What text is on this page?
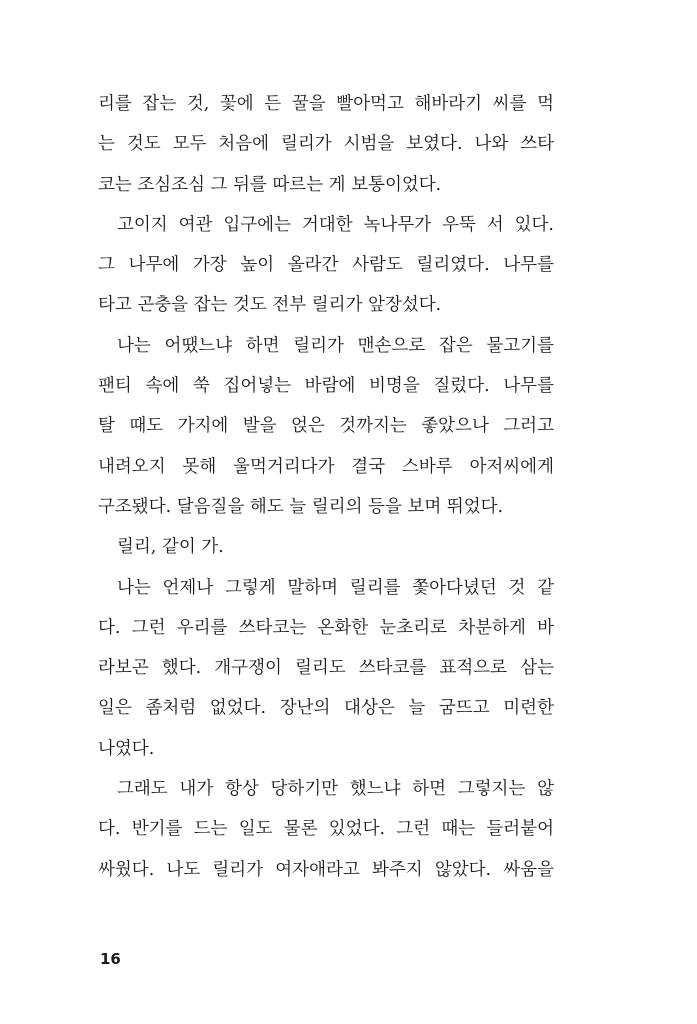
리를 잡는 것, 꽃에 든 꿀을 빨아먹고 해바라기 씨를 먹
는 것도 모두 처음에 릴리가 시범을 보였다. 나와 쓰타
코는 조심조심 그 뒤를 따르는 게 보통이었다.
고이지 여관 입구에는 거대한 녹나무가 우뚝 서 있다.
그 나무에 가장 높이 올라간 사람도 릴리였다. 나무를
타고 곤충을 잡는 것도 전부 릴리가 앞장섰다.
나는 어땠느냐 하면 릴리가 맨손으로 잡은 물고기를
팬티 속에 쑥 집어넣는 바람에 비명을 질렀다. 나무를
탈 때도 가지에 발을 얹은 것까지는 좋았으나 그러고
내려오지 못해 울먹거리다가 결국 스바루 아저씨에게
구조됐다. 달음질을 해도 늘 릴리의 등을 보며 뛰었다.
릴리, 같이 가.
나는 언제나 그렇게 말하며 릴리를 쫓아다녔던 것 같
다. 그런 우리를 쓰타코는 온화한 눈초리로 차분하게 바
라보곤 했다. 개구쟁이 릴리도 쓰타코를 표적으로 삼는
일은 좀처럼 없었다. 장난의 대상은 늘 굼뜨고 미련한
나였다.
그래도 내가 항상 당하기만 했느냐 하면 그렇지는 않
다. 반기를 드는 일도 물론 있었다. 그런 때는 들러붙어
싸웠다. 나도 릴리가 여자애라고 봐주지 않았다. 싸움을
16
